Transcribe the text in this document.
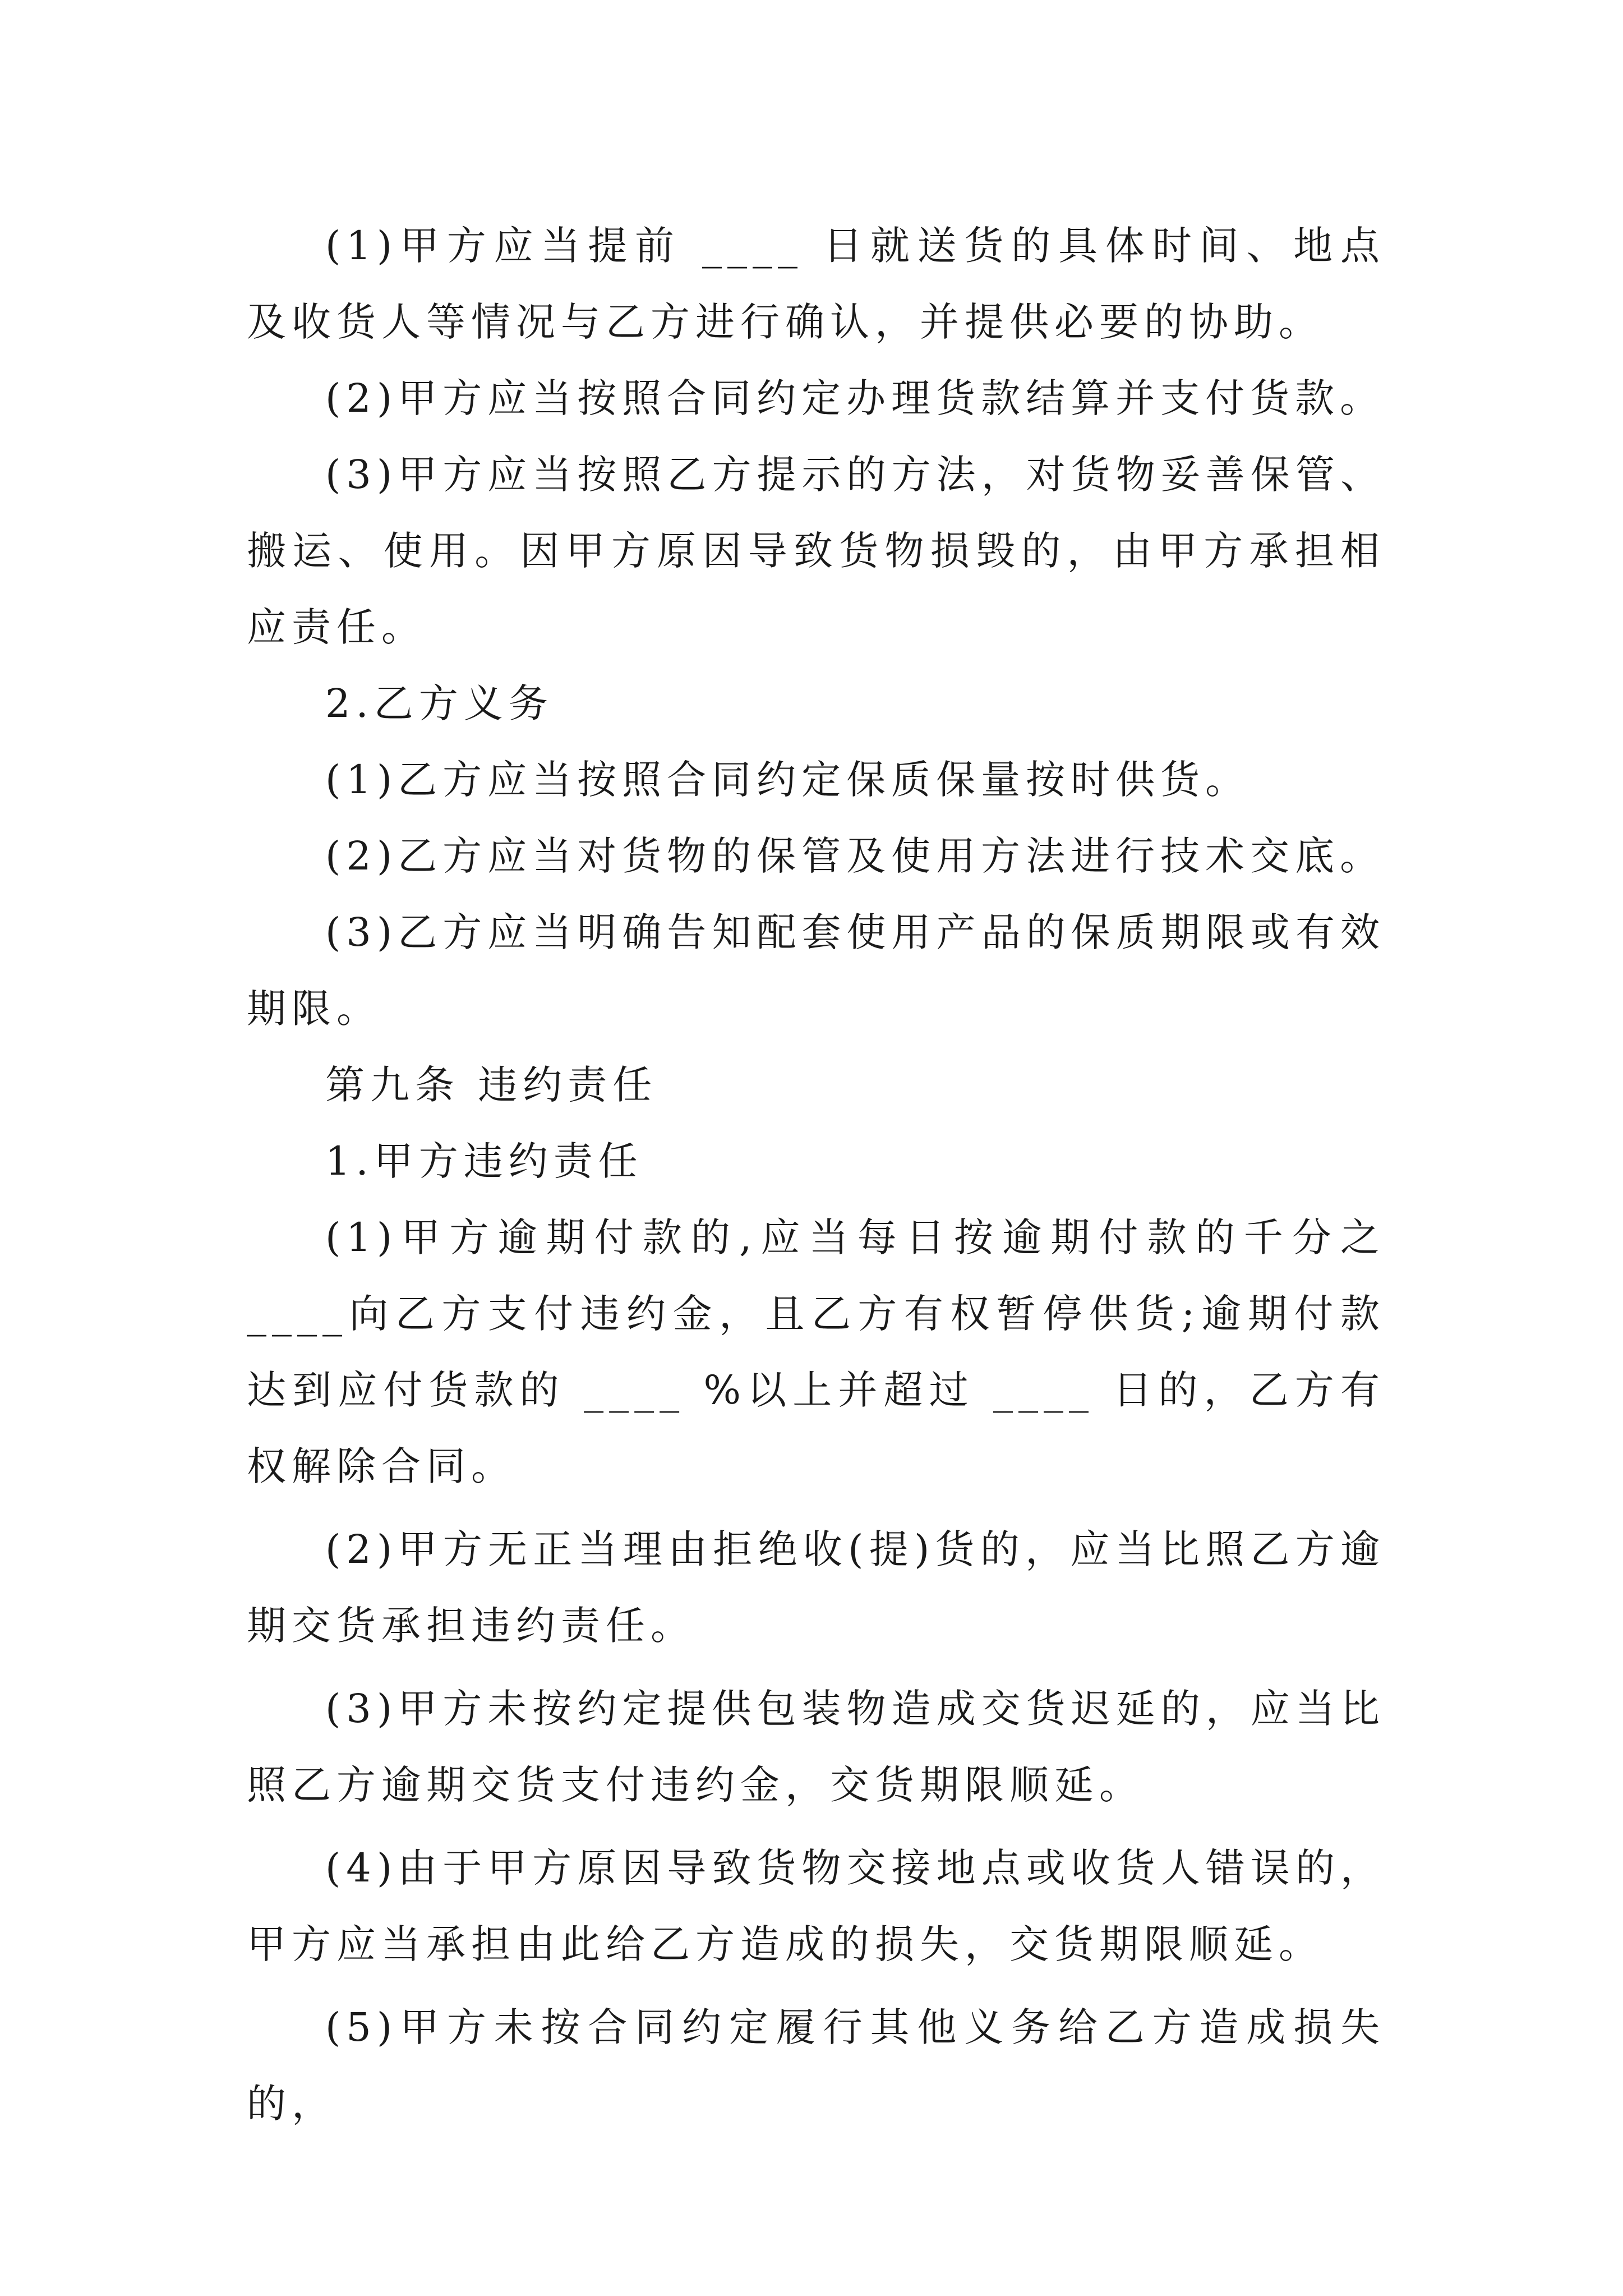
(1)甲方应当提前 ____ 日就送货的具体时间、地点及收货人等情况与乙方进行确认，并提供必要的协助。

(2)甲方应当按照合同约定办理货款结算并支付货款。

(3)甲方应当按照乙方提示的方法，对货物妥善保管、搬运、使用。因甲方原因导致货物损毁的，由甲方承担相应责任。

2.乙方义务

(1)乙方应当按照合同约定保质保量按时供货。

(2)乙方应当对货物的保管及使用方法进行技术交底。

(3)乙方应当明确告知配套使用产品的保质期限或有效期限。

第九条 违约责任

1.甲方违约责任

(1)甲方逾期付款的,应当每日按逾期付款的千分之____向乙方支付违约金，且乙方有权暂停供货;逾期付款达到应付货款的 ____ %以上并超过 ____ 日的，乙方有权解除合同。

(2)甲方无正当理由拒绝收(提)货的，应当比照乙方逾期交货承担违约责任。

(3)甲方未按约定提供包装物造成交货迟延的，应当比照乙方逾期交货支付违约金，交货期限顺延。

(4)由于甲方原因导致货物交接地点或收货人错误的，甲方应当承担由此给乙方造成的损失，交货期限顺延。

(5)甲方未按合同约定履行其他义务给乙方造成损失的，
